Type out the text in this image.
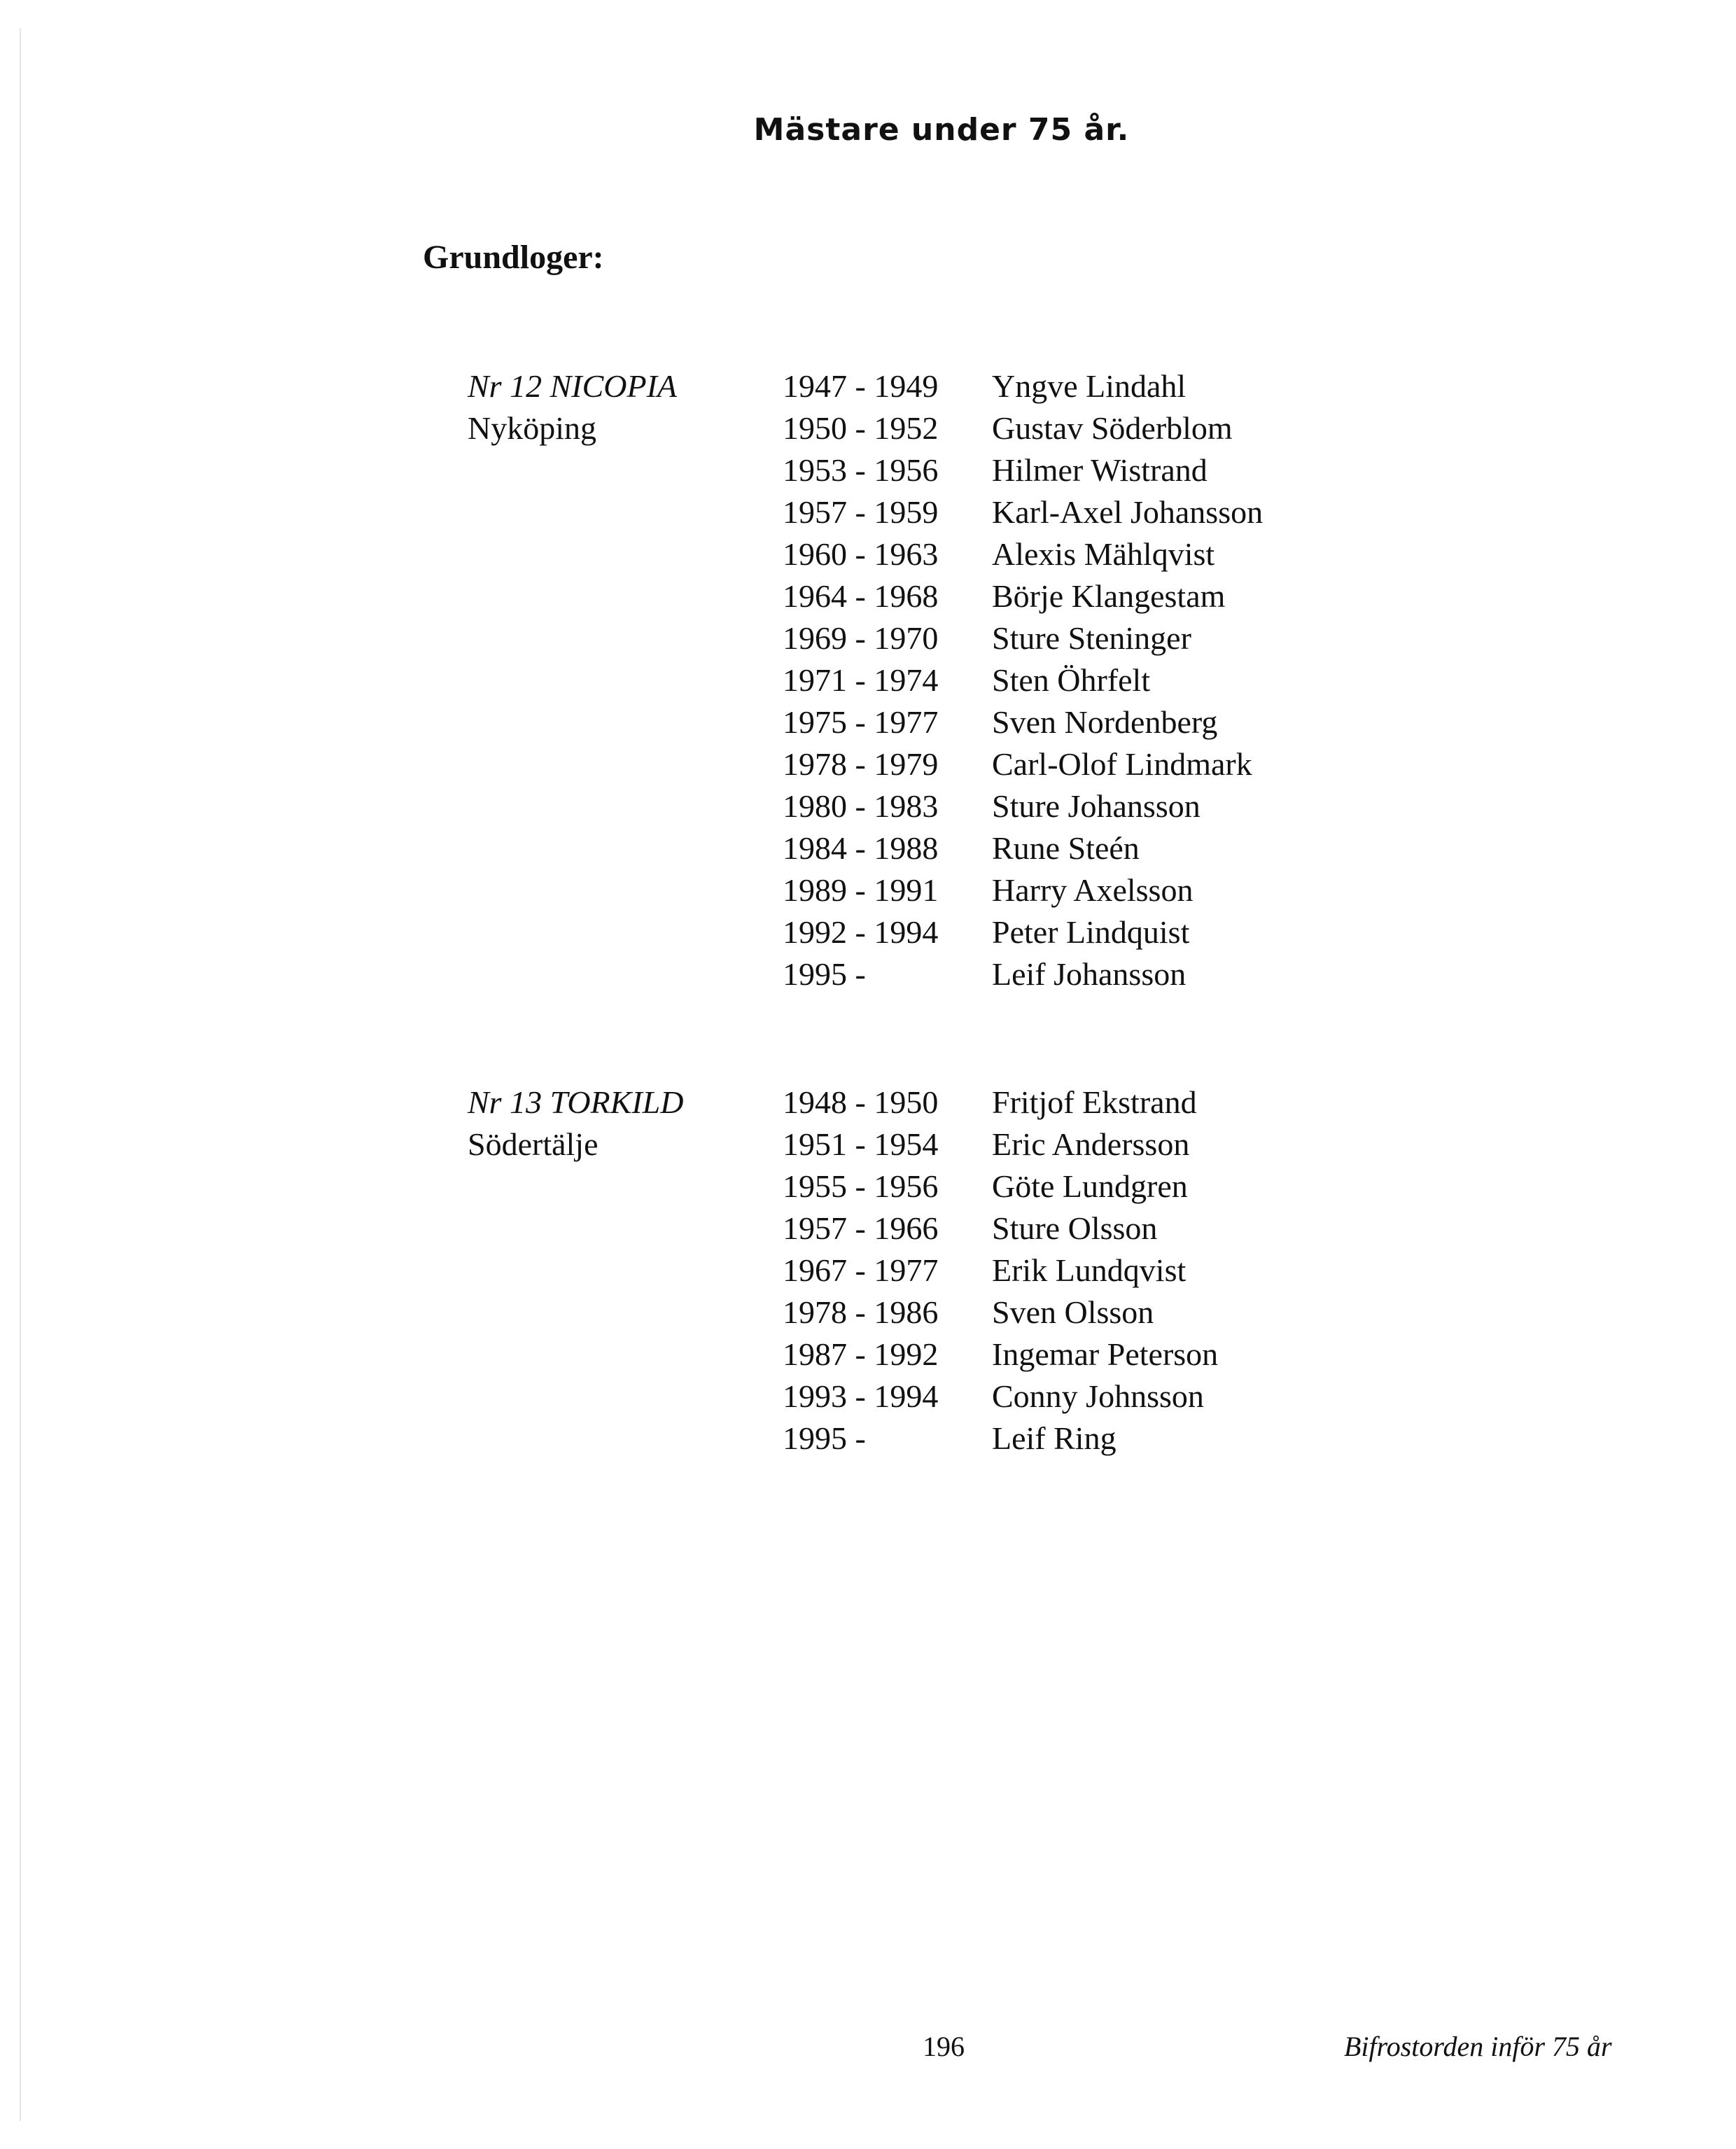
Mästare under 75 år.
Grundloger:
Nr 12 NICOPIA
Nyköping
1947 - 1949 Yngve Lindahl
1950 - 1952 Gustav Söderblom
1953 - 1956 Hilmer Wistrand
1957 - 1959 Karl-Axel Johansson
1960 - 1963 Alexis Mählqvist
1964 - 1968 Börje Klangestam
1969 - 1970 Sture Steninger
1971 - 1974 Sten Öhrfelt
1975 - 1977 Sven Nordenberg
1978 - 1979 Carl-Olof Lindmark
1980 - 1983 Sture Johansson
1984 - 1988 Rune Steén
1989 - 1991 Harry Axelsson
1992 - 1994 Peter Lindquist
1995 -	Leif Johansson
Nr 13 TORKILD
Södertälje
1948 - 1950 Fritjof Ekstrand
1951 - 1954 Eric Andersson
1955 - 1956 Göte Lundgren
1957 - 1966 Sture Olsson
1967 - 1977 Erik Lundqvist
1978 - 1986 Sven Olsson
1987 - 1992 Ingemar Peterson
1993 - 1994 Conny Johnsson
1995 -	Leif Ring
196	Bifrostorden inför 75 år
